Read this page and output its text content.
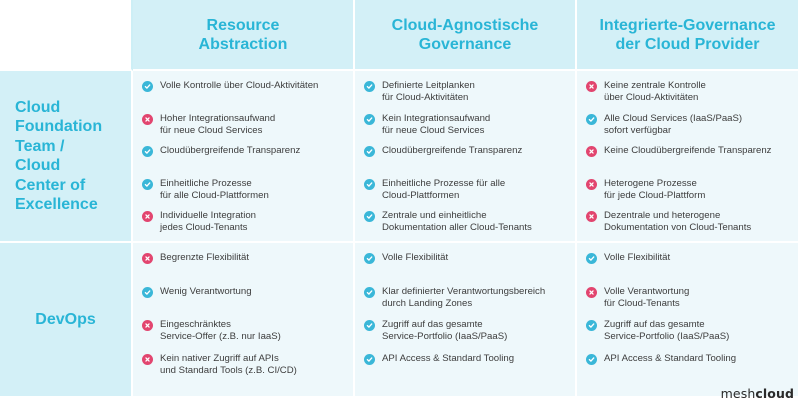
Resource
Abstraction
Cloud-Agnostische
Governance
Integrierte-Governance
der Cloud Provider
Cloud
Foundation
Team /
Cloud
Center of
Excellence
Volle Kontrolle über Cloud-Aktivitäten
Hoher Integrationsaufwand
für neue Cloud Services
Cloudübergreifende Transparenz
Einheitliche Prozesse
für alle Cloud-Plattformen
Individuelle Integration
jedes Cloud-Tenants
Definierte Leitplanken
für Cloud-Aktivitäten
Kein Integrationsaufwand
für neue Cloud Services
Cloudübergreifende Transparenz
Einheitliche Prozesse für alle
Cloud-Plattformen
Zentrale und einheitliche
Dokumentation aller Cloud-Tenants
Keine zentrale Kontrolle
über Cloud-Aktivitäten
Alle Cloud Services (IaaS/PaaS)
sofort verfügbar
Keine Cloudübergreifende Transparenz
Heterogene Prozesse
für jede Cloud-Plattform
Dezentrale und heterogene
Dokumentation von Cloud-Tenants
DevOps
Begrenzte Flexibilität
Wenig Verantwortung
Eingeschränktes
Service-Offer (z.B. nur IaaS)
Kein nativer Zugriff auf APIs
und Standard Tools (z.B. CI/CD)
Volle Flexibilität
Klar definierter Verantwortungsbereich
durch Landing Zones
Zugriff auf das gesamte
Service-Portfolio (IaaS/PaaS)
API Access & Standard Tooling
Volle Flexibilität
Volle Verantwortung
für Cloud-Tenants
Zugriff auf das gesamte
Service-Portfolio (IaaS/PaaS)
API Access & Standard Tooling
meshcloud
